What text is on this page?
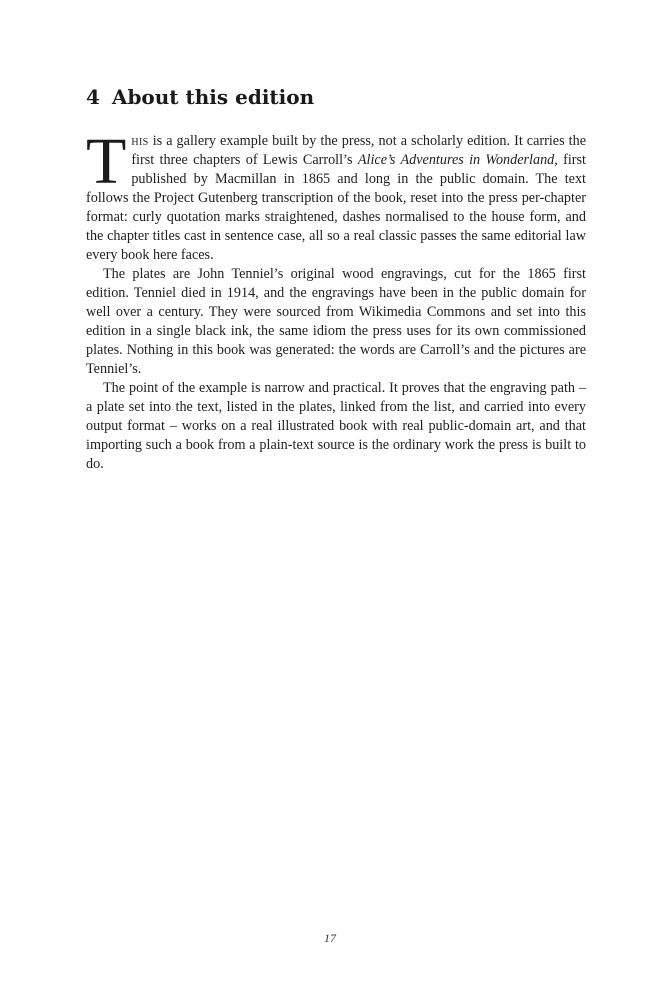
4 About this edition

This is a gallery example built by the press, not a scholarly edition. It carries the first three chapters of Lewis Carroll’s Alice’s Adventures in Wonderland, first published by Macmillan in 1865 and long in the public domain. The text follows the Project Gutenberg transcription of the book, reset into the press per-chapter format: curly quotation marks straightened, dashes normalised to the house form, and the chapter titles cast in sentence case, all so a real classic passes the same editorial law every book here faces.

The plates are John Tenniel’s original wood engravings, cut for the 1865 first edition. Tenniel died in 1914, and the engravings have been in the public domain for well over a century. They were sourced from Wikimedia Commons and set into this edition in a single black ink, the same idiom the press uses for its own commissioned plates. Nothing in this book was generated: the words are Carroll’s and the pictures are Tenniel’s.

The point of the example is narrow and practical. It proves that the engraving path – a plate set into the text, listed in the plates, linked from the list, and carried into every output format – works on a real illustrated book with real public-domain art, and that importing such a book from a plain-text source is the ordinary work the press is built to do.

17
